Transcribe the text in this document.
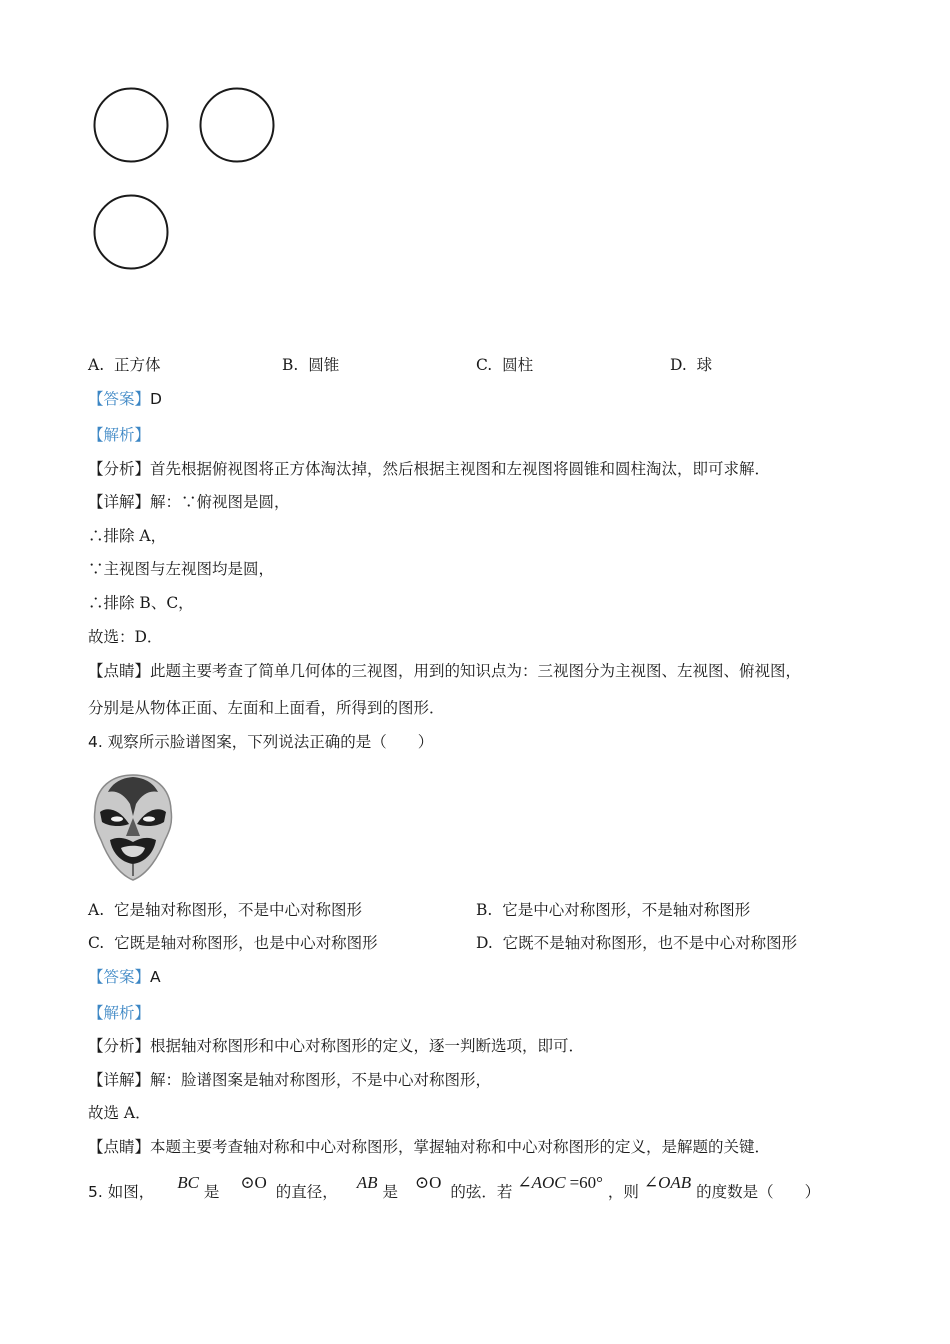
A. 正方体	B. 圆锥	C. 圆柱	D. 球
【答案】D
【解析】
【分析】首先根据俯视图将正方体淘汰掉，然后根据主视图和左视图将圆锥和圆柱淘汰，即可求解．
【详解】解：∵俯视图是圆，
∴排除 A，
∵主视图与左视图均是圆，
∴排除 B、C，
故选：D．
【点睛】此题主要考查了简单几何体的三视图，用到的知识点为：三视图分为主视图、左视图、俯视图，
分别是从物体正面、左面和上面看，所得到的图形．
4. 观察所示脸谱图案，下列说法正确的是（　　）
A. 它是轴对称图形，不是中心对称图形	B. 它是中心对称图形，不是轴对称图形
C. 它既是轴对称图形，也是中心对称图形	D. 它既不是轴对称图形，也不是中心对称图形
【答案】A
【解析】
【分析】根据轴对称图形和中心对称图形的定义，逐一判断选项，即可．
【详解】解：脸谱图案是轴对称图形，不是中心对称图形，
故选 A．
【点睛】本题主要考查轴对称和中心对称图形，掌握轴对称和中心对称图形的定义，是解题的关键．
5. 如图， BC 是 ⊙O 的直径， AB 是 ⊙O 的弦．若 ∠AOC =60° ，则 ∠OAB 的度数是（　　）
